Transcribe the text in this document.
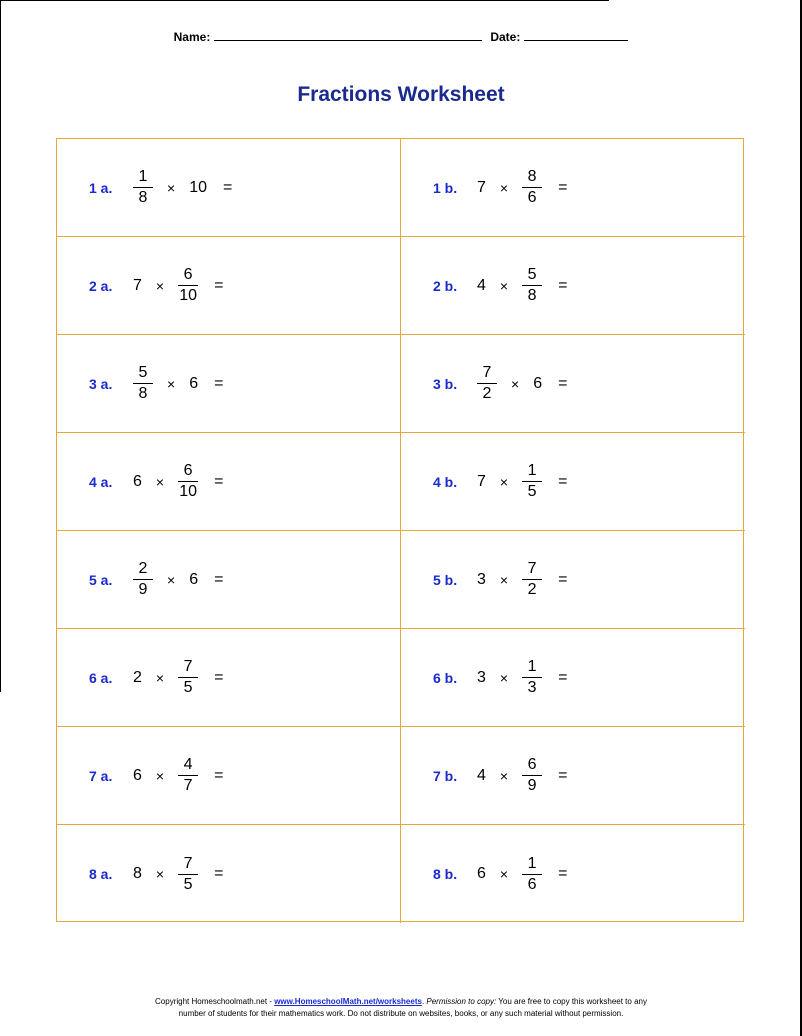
Name:	Date:
Fractions Worksheet
1 a.	$\frac{1}{8} \times 10$	=	1 b.	7	× $\frac{8}{6}$ =
2 a.	7	× $\frac{6}{10}$ =	2 b.	4	× $\frac{5}{8}$ =
3 a.	$\frac{5}{8} \times 6$	=	3 b. $\frac{7}{2} \times 6$	=
4 a.	6	× $\frac{6}{10}$ =	4 b.	7	× $\frac{1}{5}$ =
5 a.	$\frac{2}{9} \times 6$	=	5 b.	3	× $\frac{7}{2}$ =
6 a.	2	× $\frac{7}{5}$ =	6 b.	3	× $\frac{1}{3}$ =
7 a.	6	× $\frac{4}{7}$ =	7 b.	4	× $\frac{6}{9}$ =
8 a.	8	× $\frac{7}{5}$ =	8 b.	6	× $\frac{1}{6}$ =
Copyright Homeschoolmath.net - www.HomeschoolMath.net/worksheets. Permission to copy: You are free to copy this worksheet to any
number of students for their mathematics work. Do not distribute on websites, books, or any such material without permission.
